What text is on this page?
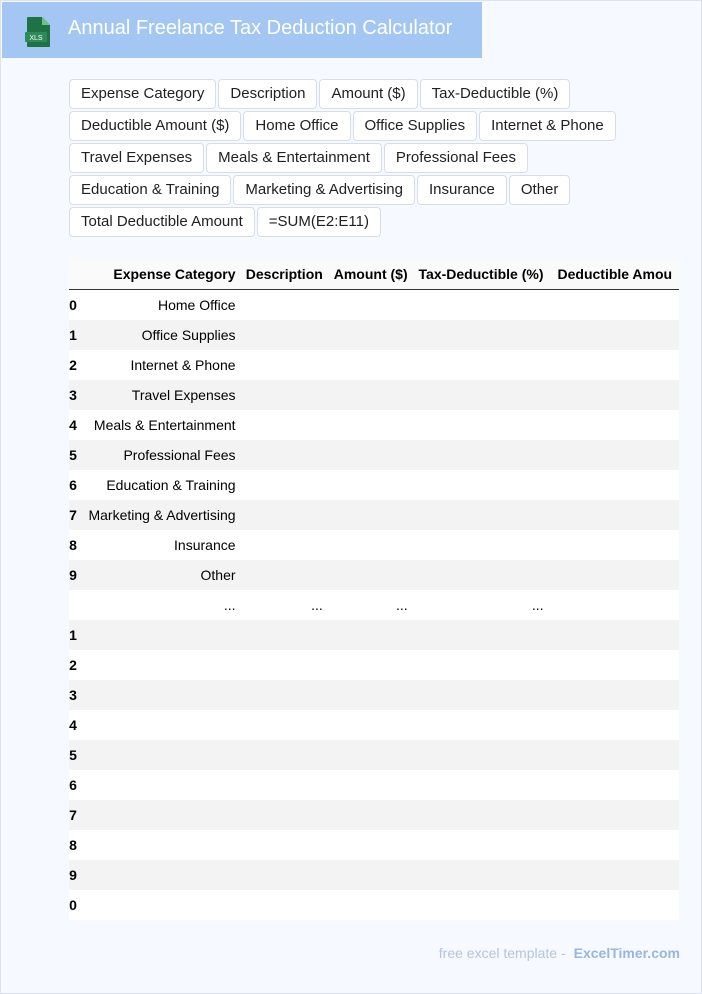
XLS Annual Freelance Tax Deduction Calculator
Expense Category	Description	Amount ($)	Tax-Deductible (%)
Deductible Amount ($)	Home Office	Office Supplies	Internet & Phone
Travel Expenses	Meals & Entertainment	Professional Fees
Education & Training	Marketing & Advertising	Insurance	Other
Total Deductible Amount	=SUM(E2:E11)
	Expense Category	Description	Amount ($)	Tax-Deductible (%)	Deductible Amou
0	Home Office				
1	Office Supplies				
2	Internet & Phone				
3	Travel Expenses				
4	Meals & Entertainment				
5	Professional Fees				
6	Education & Training				
7	Marketing & Advertising				
8	Insurance				
9	Other				
	...	...	...	...	
1					
2					
3					
4					
5					
6					
7					
8					
9					
0					
free excel template - ExcelTimer.com
